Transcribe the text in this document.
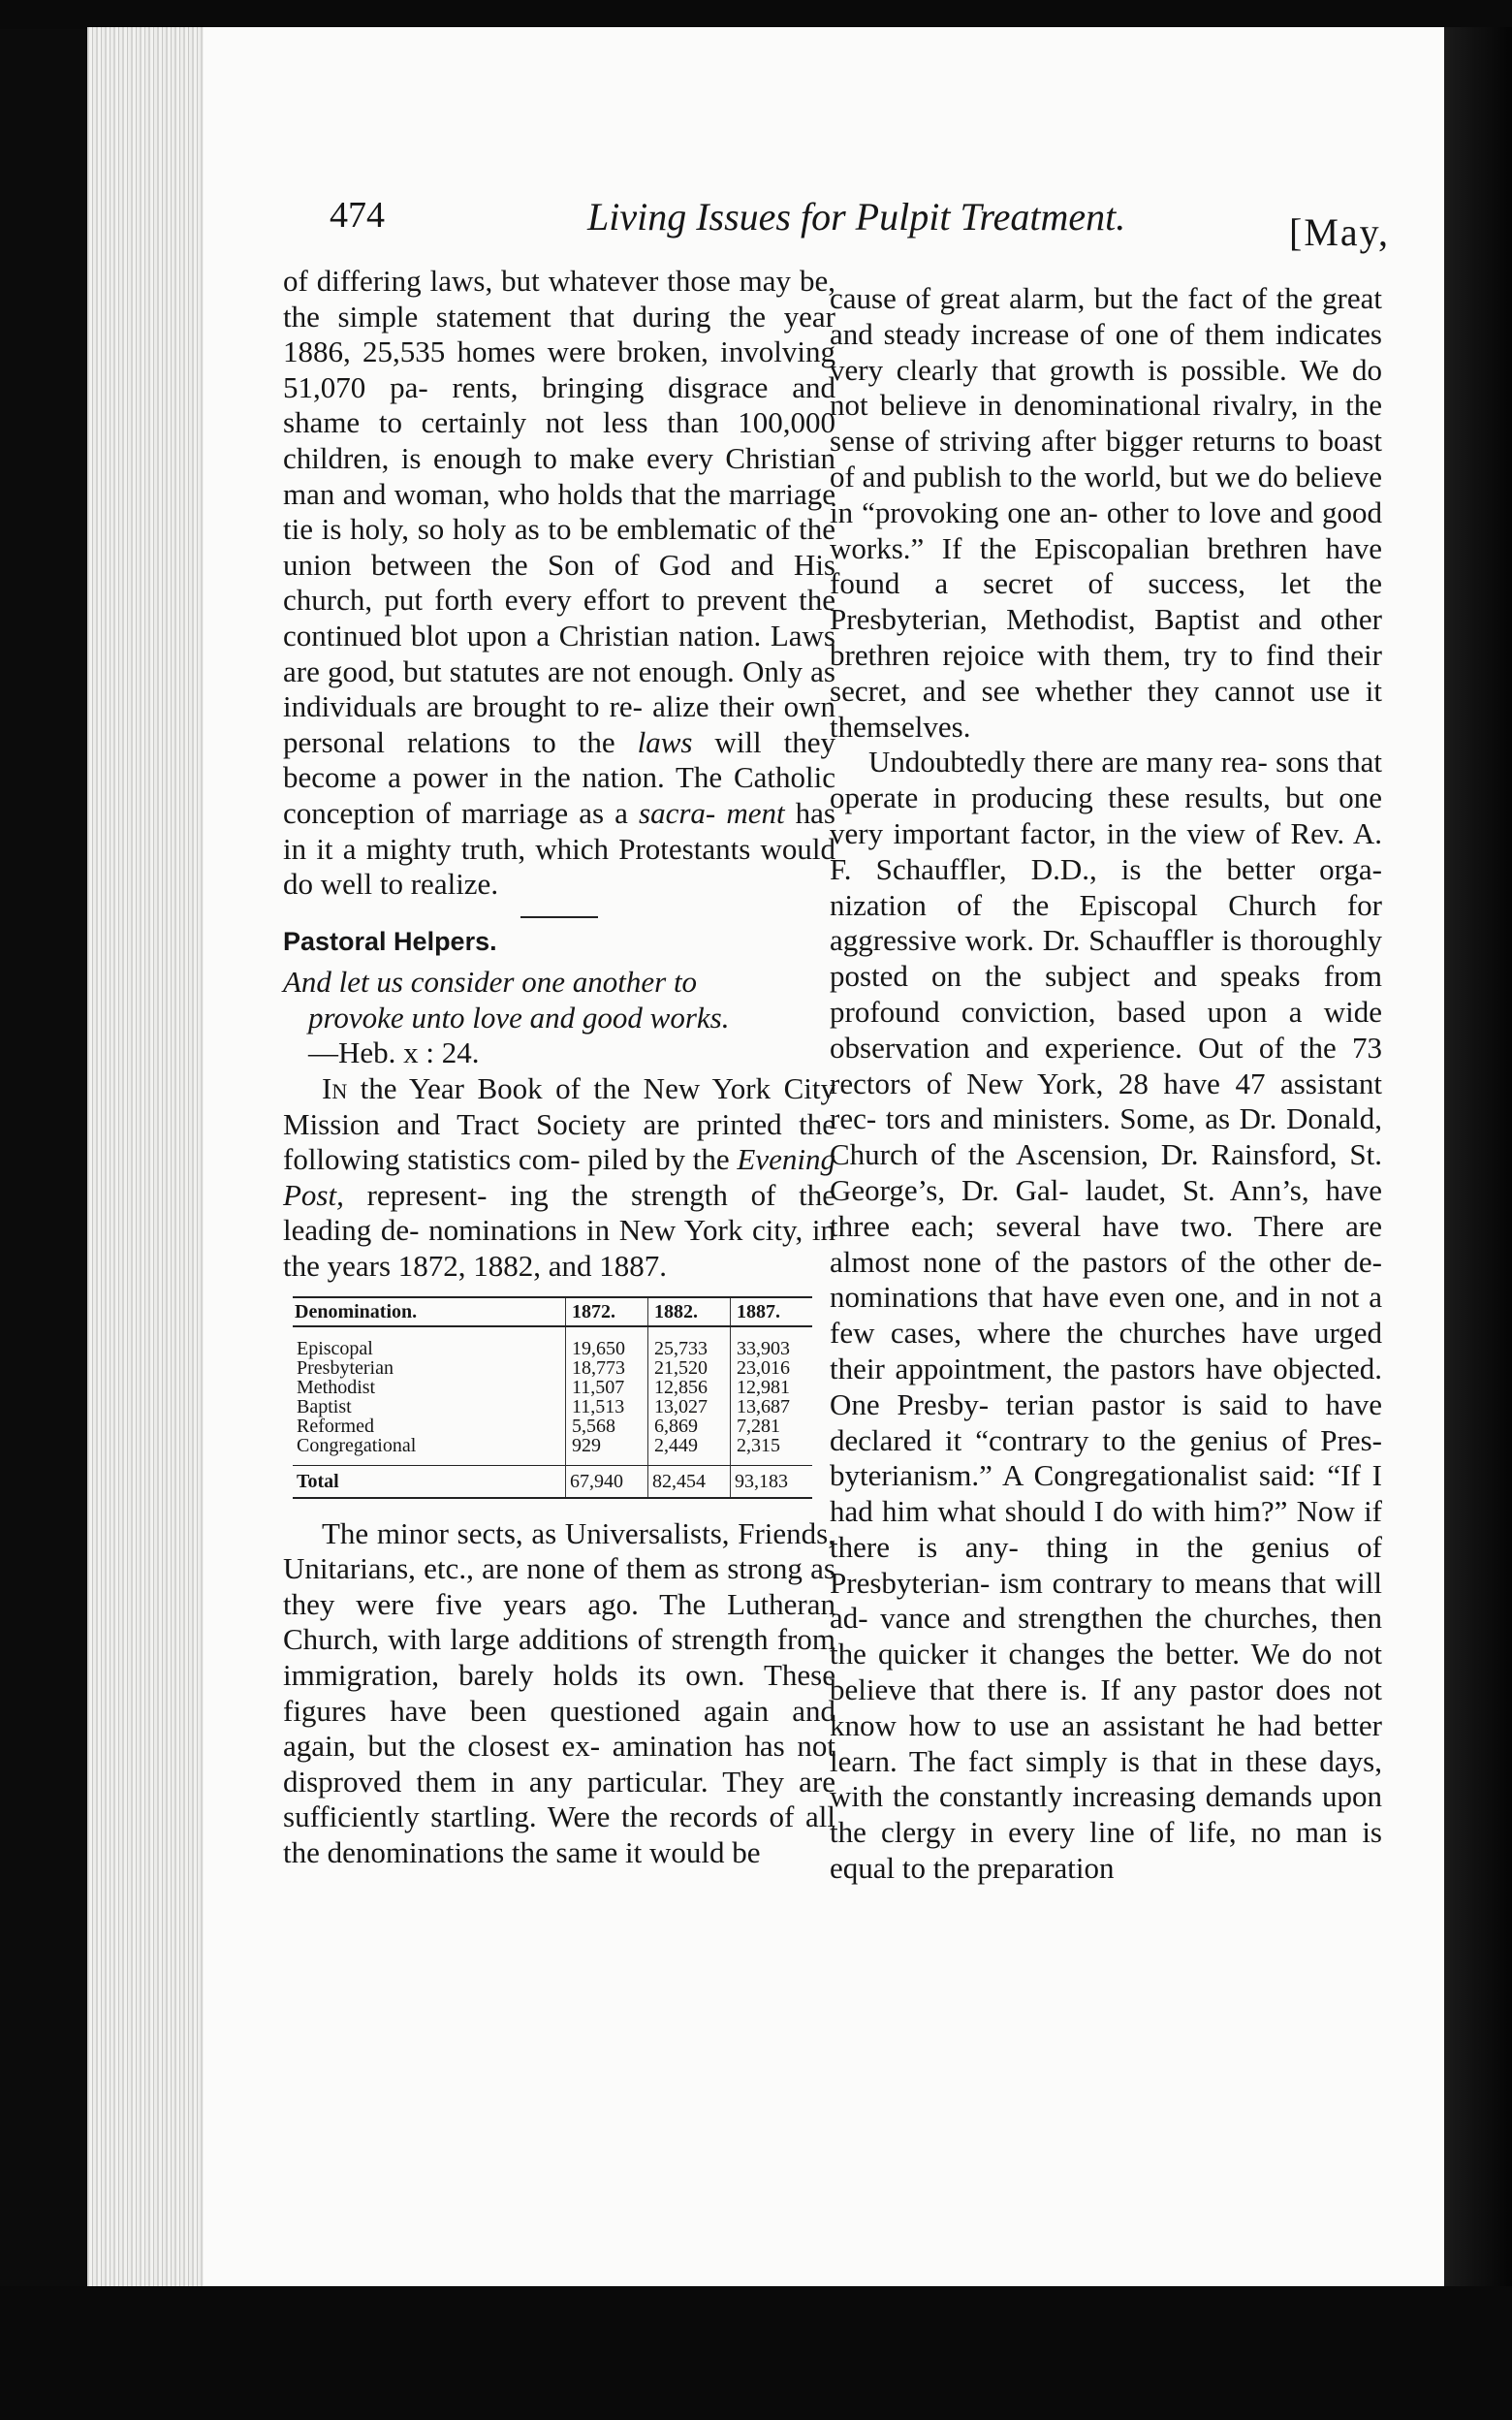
474	Living Issues for Pulpit Treatment.	[May,

of differing laws, but whatever those may be, the simple statement that during the year 1886, 25,535 homes were broken, involving 51,070 pa- rents, bringing disgrace and shame to certainly not less than 100,000 children, is enough to make every Christian man and woman, who holds that the marriage tie is holy, so holy as to be emblematic of the union between the Son of God and His church, put forth every effort to prevent the continued blot upon a Christian nation. Laws are good, but statutes are not enough. Only as individuals are brought to re- alize their own personal relations to the laws will they become a power in the nation. The Catholic conception of marriage as a sacra- ment has in it a mighty truth, which Protestants would do well to realize.

Pastoral Helpers.

And let us consider one another to

provoke unto love and good works.

—Heb. x : 24.

In the Year Book of the New York City Mission and Tract Society are printed the following statistics com- piled by the Evening Post, represent- ing the strength of the leading de- nominations in New York city, in the years 1872, 1882, and 1887.

Denomination.	1872.	1882.	1887.
Episcopal	19,650	25,733	33,903
Presbyterian	18,773	21,520	23,016
Methodist	11,507	12,856	12,981
Baptist	11,513	13,027	13,687
Reformed	5,568	6,869	7,281
Congregational	929	2,449	2,315
Total	67,940	82,454	93,183

The minor sects, as Universalists, Friends, Unitarians, etc., are none of them as strong as they were five years ago. The Lutheran Church, with large additions of strength from immigration, barely holds its own. These figures have been questioned again and again, but the closest ex- amination has not disproved them in any particular. They are sufficiently startling. Were the records of all the denominations the same it would be

cause of great alarm, but the fact of the great and steady increase of one of them indicates very clearly that growth is possible. We do not believe in denominational rivalry, in the sense of striving after bigger returns to boast of and publish to the world, but we do believe in “provoking one an- other to love and good works.” If the Episcopalian brethren have found a secret of success, let the Presbyterian, Methodist, Baptist and other brethren rejoice with them, try to find their secret, and see whether they cannot use it themselves.

Undoubtedly there are many rea- sons that operate in producing these results, but one very important factor, in the view of Rev. A. F. Schauffler, D.D., is the better orga- nization of the Episcopal Church for aggressive work. Dr. Schauffler is thoroughly posted on the subject and speaks from profound conviction, based upon a wide observation and experience. Out of the 73 rectors of New York, 28 have 47 assistant rec- tors and ministers. Some, as Dr. Donald, Church of the Ascension, Dr. Rainsford, St. George’s, Dr. Gal- laudet, St. Ann’s, have three each; several have two. There are almost none of the pastors of the other de- nominations that have even one, and in not a few cases, where the churches have urged their appointment, the pastors have objected. One Presby- terian pastor is said to have declared it “contrary to the genius of Pres- byterianism.” A Congregationalist said: “If I had him what should I do with him?” Now if there is any- thing in the genius of Presbyterian- ism contrary to means that will ad- vance and strengthen the churches, then the quicker it changes the better. We do not believe that there is. If any pastor does not know how to use an assistant he had better learn. The fact simply is that in these days, with the constantly increasing demands upon the clergy in every line of life, no man is equal to the preparation
